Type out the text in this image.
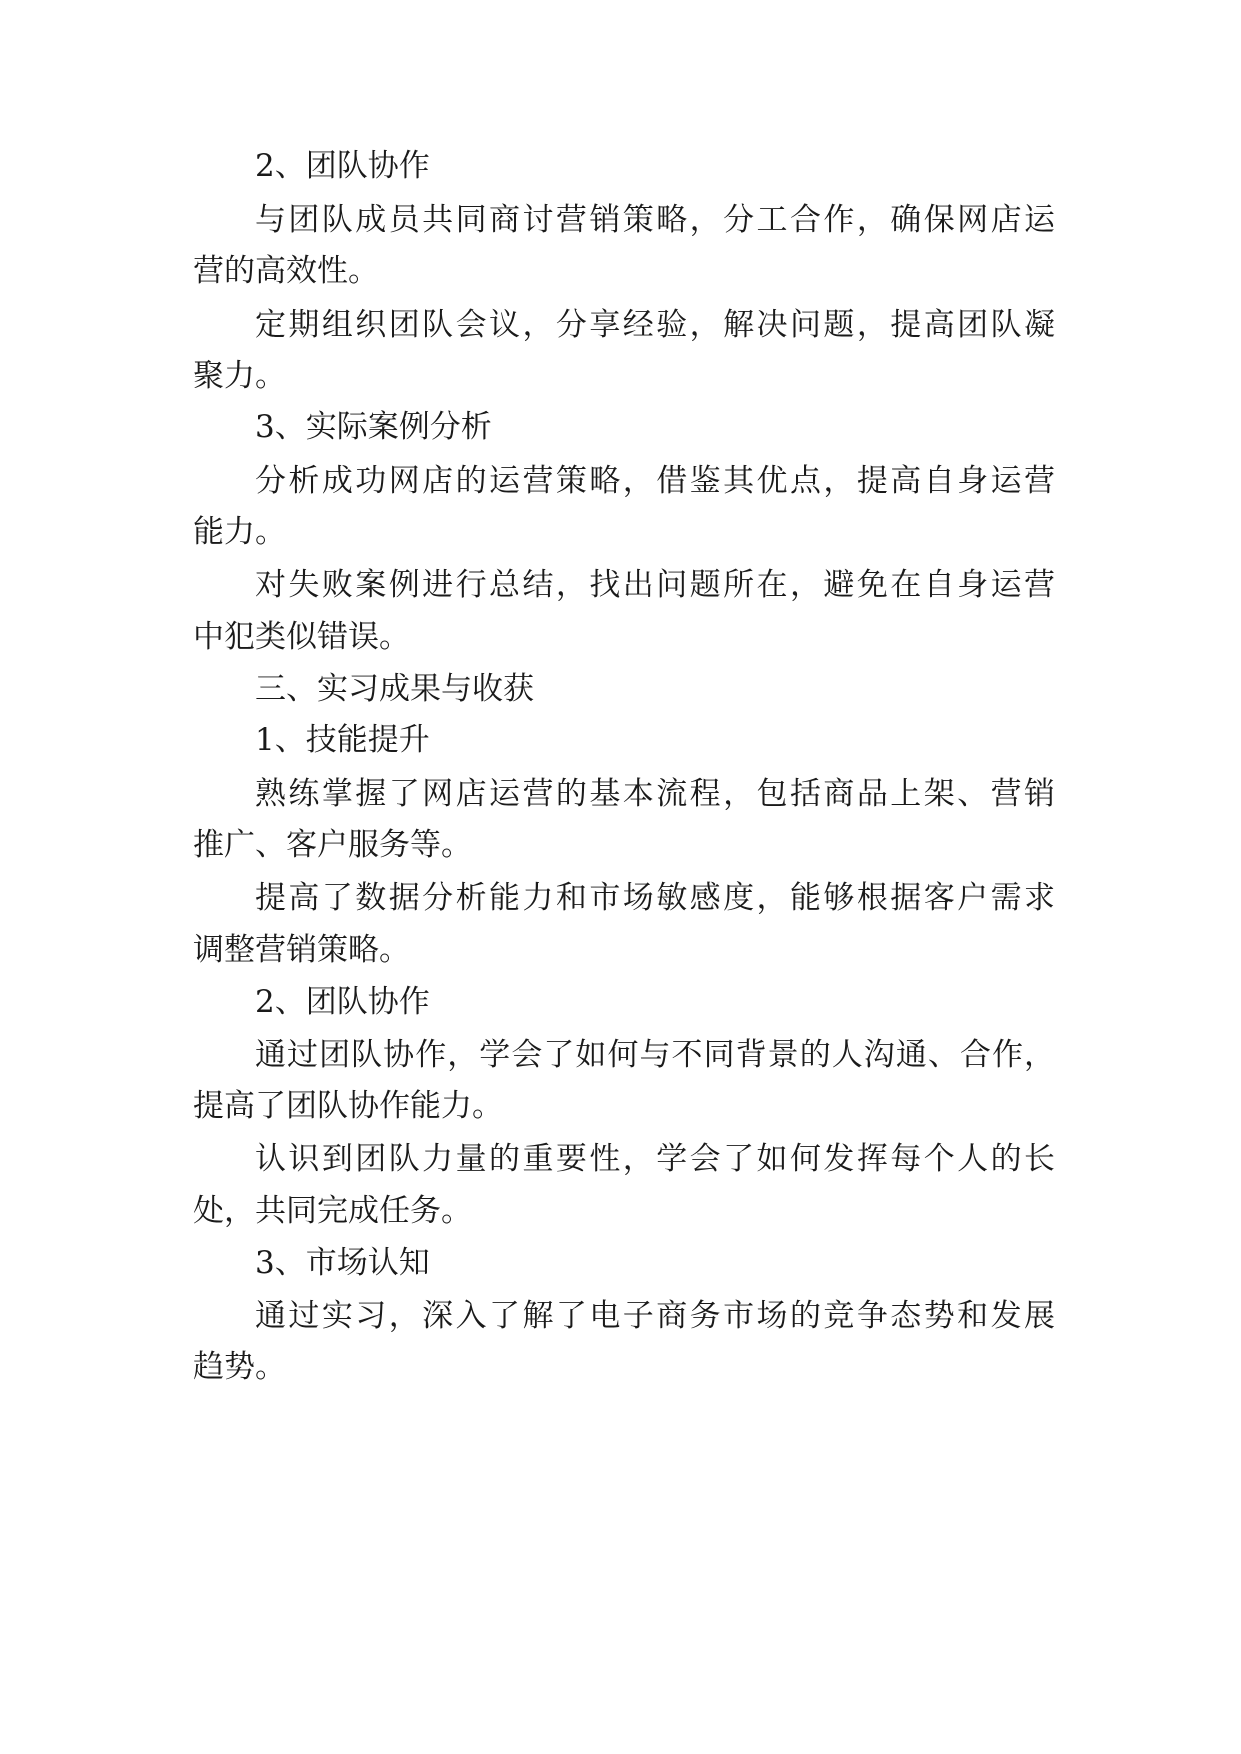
2、团队协作
与团队成员共同商讨营销策略，分工合作，确保网店运
营的高效性。
定期组织团队会议，分享经验，解决问题，提高团队凝
聚力。
3、实际案例分析
分析成功网店的运营策略，借鉴其优点，提高自身运营
能力。
对失败案例进行总结，找出问题所在，避免在自身运营
中犯类似错误。
三、实习成果与收获
1、技能提升
熟练掌握了网店运营的基本流程，包括商品上架、营销
推广、客户服务等。
提高了数据分析能力和市场敏感度，能够根据客户需求
调整营销策略。
2、团队协作
通过团队协作，学会了如何与不同背景的人沟通、合作，
提高了团队协作能力。
认识到团队力量的重要性，学会了如何发挥每个人的长
处，共同完成任务。
3、市场认知
通过实习，深入了解了电子商务市场的竞争态势和发展
趋势。
